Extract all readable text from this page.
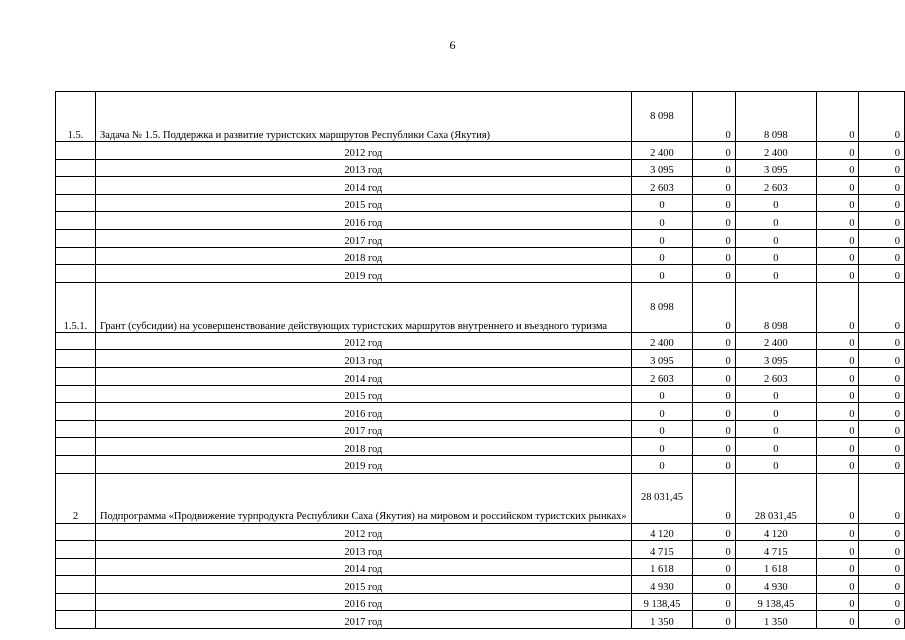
6
1.5.	Задача № 1.5. Поддержка и развитие туристских маршрутов Республики Саха (Якутия)	8 098	0	8 098	0	0
	2012 год	2 400	0	2 400	0	0
	2013 год	3 095	0	3 095	0	0
	2014 год	2 603	0	2 603	0	0
	2015 год	0	0	0	0	0
	2016 год	0	0	0	0	0
	2017 год	0	0	0	0	0
	2018 год	0	0	0	0	0
	2019 год	0	0	0	0	0
1.5.1.	Грант (субсидии) на усовершенствование действующих туристских маршрутов внутреннего и въездного туризма	8 098	0	8 098	0	0
	2012 год	2 400	0	2 400	0	0
	2013 год	3 095	0	3 095	0	0
	2014 год	2 603	0	2 603	0	0
	2015 год	0	0	0	0	0
	2016 год	0	0	0	0	0
	2017 год	0	0	0	0	0
	2018 год	0	0	0	0	0
	2019 год	0	0	0	0	0
2	Подпрограмма «Продвижение турпродукта Республики Саха (Якутия) на мировом и российском туристских рынках»	28 031,45	0	28 031,45	0	0
	2012 год	4 120	0	4 120	0	0
	2013 год	4 715	0	4 715	0	0
	2014 год	1 618	0	1 618	0	0
	2015 год	4 930	0	4 930	0	0
	2016 год	9 138,45	0	9 138,45	0	0
	2017 год	1 350	0	1 350	0	0
